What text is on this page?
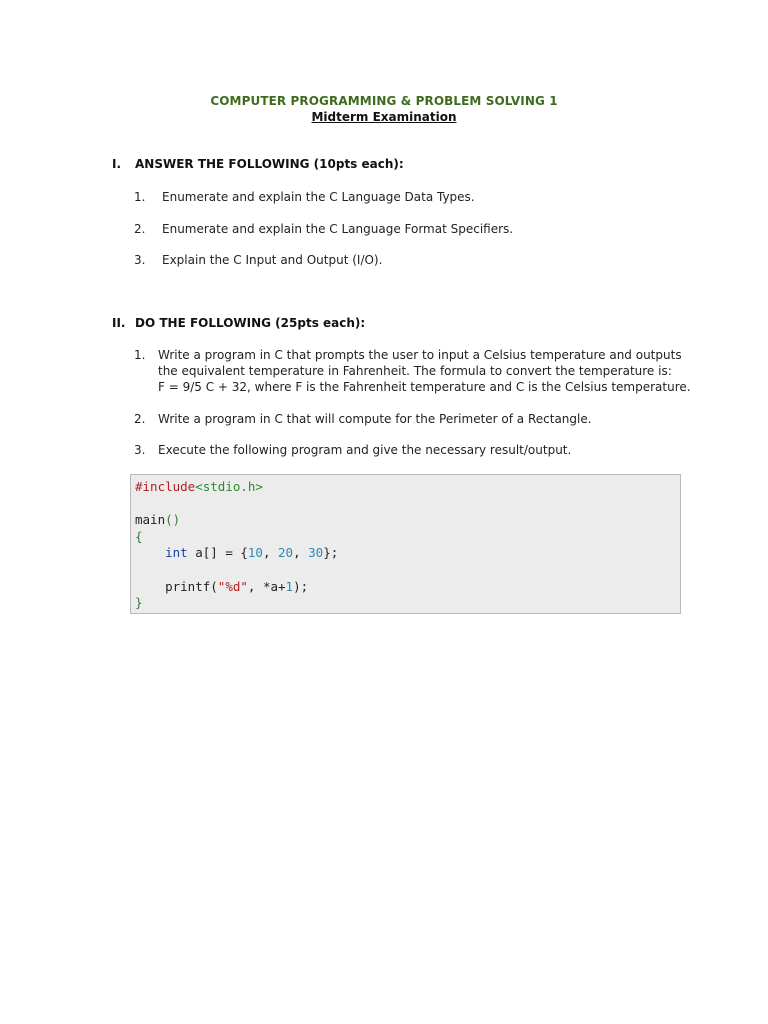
COMPUTER PROGRAMMING & PROBLEM SOLVING 1
Midterm Examination
I. ANSWER THE FOLLOWING (10pts each):
1. Enumerate and explain the C Language Data Types.
2. Enumerate and explain the C Language Format Specifiers.
3. Explain the C Input and Output (I/O).
II. DO THE FOLLOWING (25pts each):
1. Write a program in C that prompts the user to input a Celsius temperature and outputs
the equivalent temperature in Fahrenheit. The formula to convert the temperature is:
F = 9/5 C + 32, where F is the Fahrenheit temperature and C is the Celsius temperature.
2. Write a program in C that will compute for the Perimeter of a Rectangle.
3. Execute the following program and give the necessary result/output.
#include<stdio.h>

main()
{
int a[] = {10, 20, 30};

printf("%d", *a+1);
}
